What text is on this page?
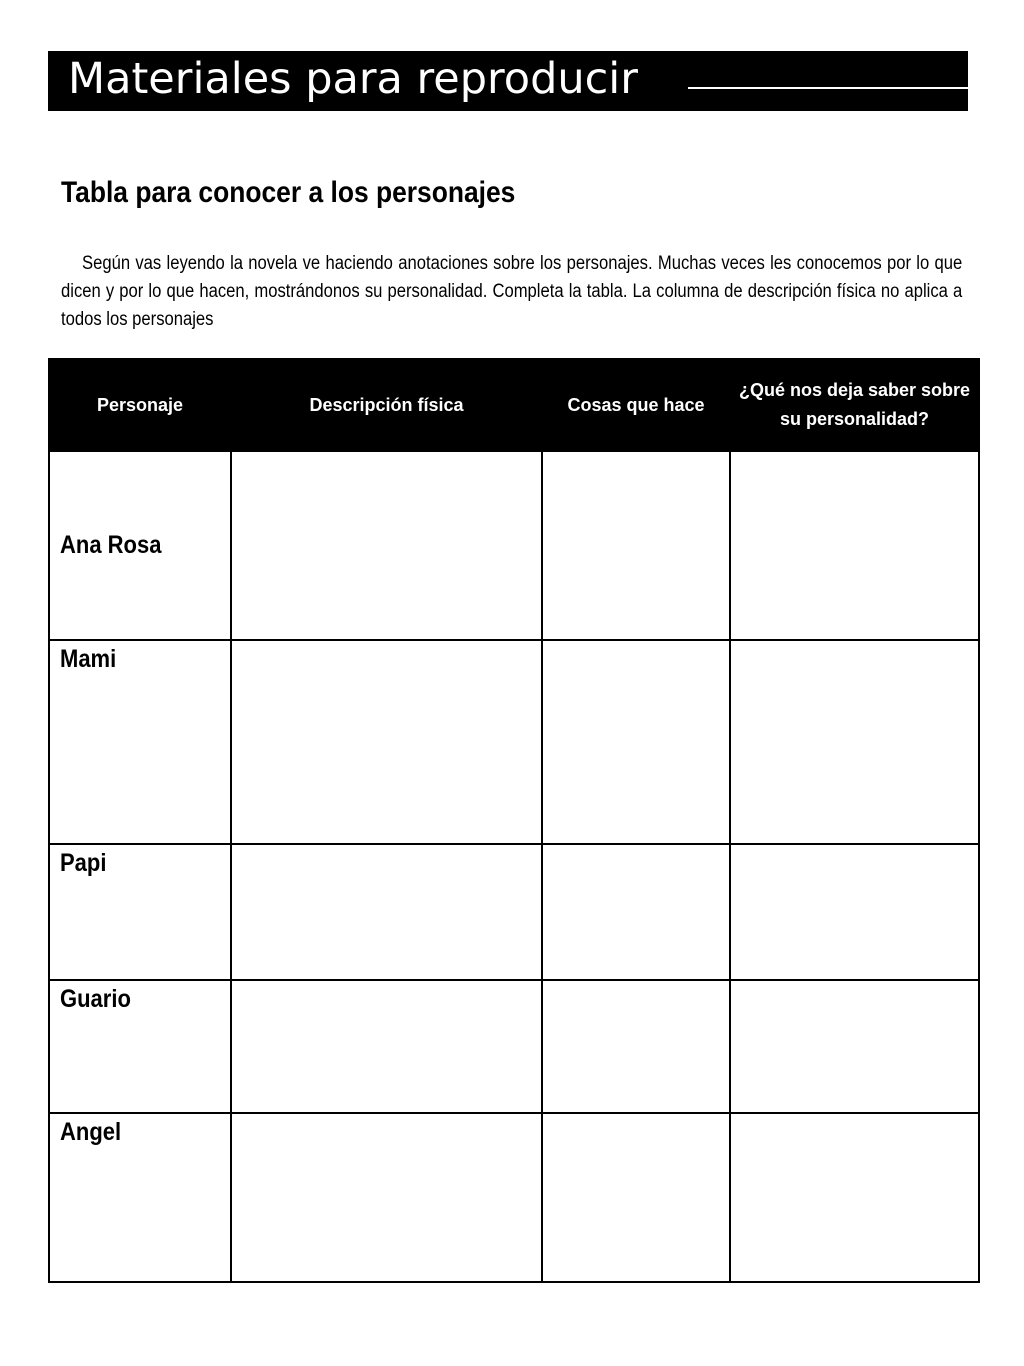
Materiales para reproducir
Tabla para conocer a los personajes

Según vas leyendo la novela ve haciendo anotaciones sobre los personajes. Muchas veces les conocemos por lo que dicen y por lo que hacen, mostrándonos su personalidad. Completa la tabla. La columna de descripción física no aplica a todos los personajes

Personaje	Descripción física	Cosas que hace	¿Qué nos deja saber sobre su personalidad?
Ana Rosa			
Mami			
Papi			
Guario			
Angel			
